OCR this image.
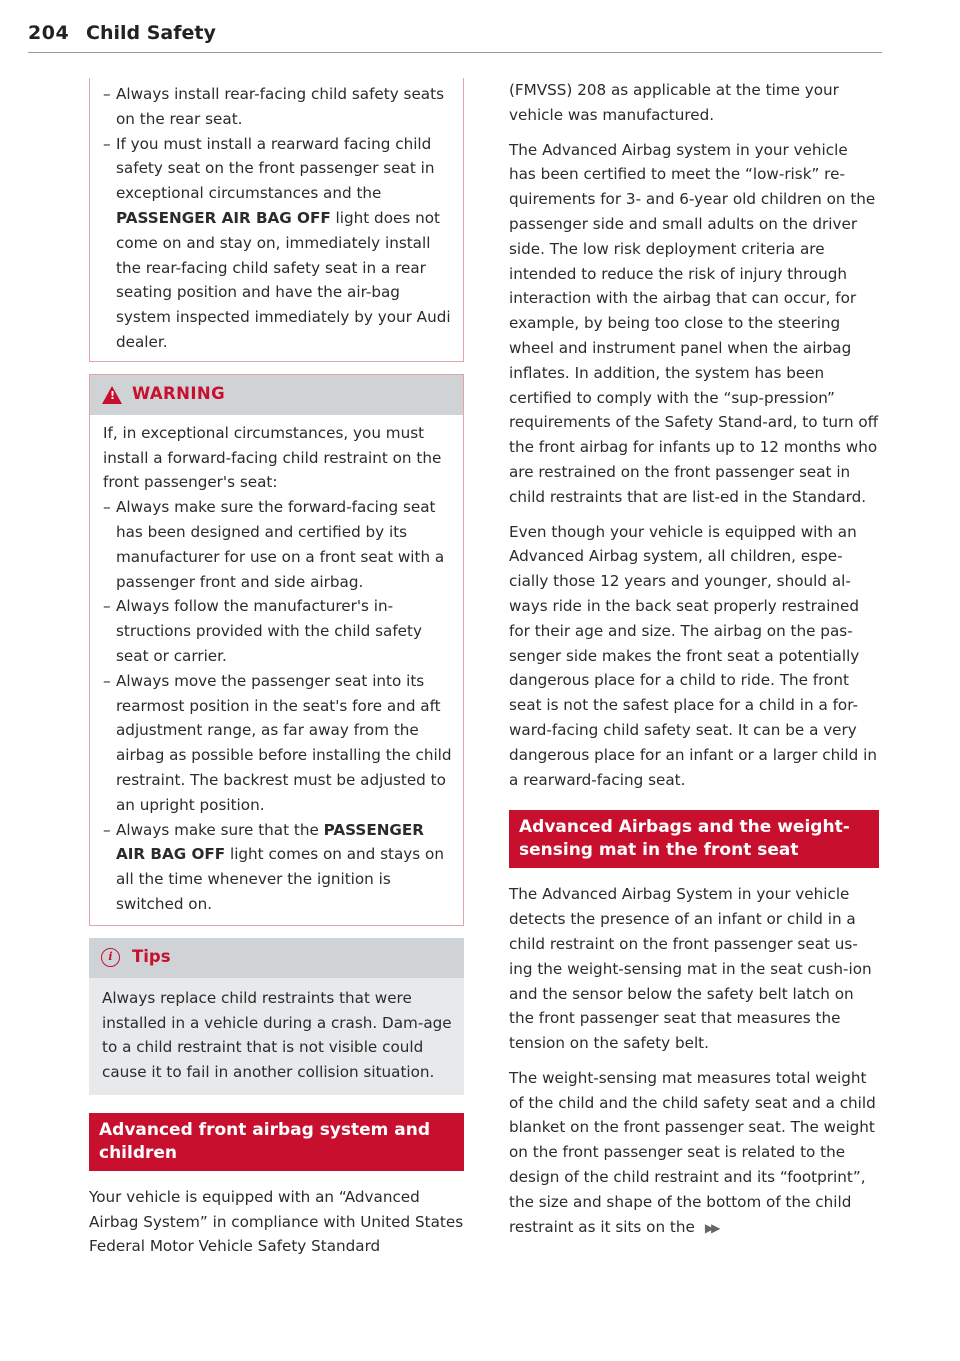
204 Child Safety
– Always install rear-facing child safety seats on the rear seat.
– If you must install a rearward facing child safety seat on the front passenger seat in exceptional circumstances and the PASSENGER AIR BAG OFF light does not come on and stay on, immediately install the rear-facing child safety seat in a rear seating position and have the air-bag system inspected immediately by your Audi dealer.
!
WARNING

If, in exceptional circumstances, you must install a forward-facing child restraint on the front passenger's seat:

– Always make sure the forward-facing seat has been designed and certified by its manufacturer for use on a front seat with a passenger front and side airbag.
– Always follow the manufacturer's in-structions provided with the child safety seat or carrier.
– Always move the passenger seat into its rearmost position in the seat's fore and aft adjustment range, as far away from the airbag as possible before installing the child restraint. The backrest must be adjusted to an upright position.
– Always make sure that the PASSENGER AIR BAG OFF light comes on and stays on all the time whenever the ignition is switched on.
i	Tips

Always replace child restraints that were installed in a vehicle during a crash. Dam-age to a child restraint that is not visible could cause it to fail in another collision situation.

Advanced front airbag system and children

Your vehicle is equipped with an “Advanced Airbag System” in compliance with United States Federal Motor Vehicle Safety Standard

(FMVSS) 208 as applicable at the time your vehicle was manufactured.

The Advanced Airbag system in your vehicle has been certified to meet the “low-risk” re-quirements for 3- and 6-year old children on the passenger side and small adults on the driver side. The low risk deployment criteria are intended to reduce the risk of injury through interaction with the airbag that can occur, for example, by being too close to the steering wheel and instrument panel when the airbag inflates. In addition, the system has been certified to comply with the “sup-pression” requirements of the Safety Stand-ard, to turn off the front airbag for infants up to 12 months who are restrained on the front passenger seat in child restraints that are list-ed in the Standard.

Even though your vehicle is equipped with an Advanced Airbag system, all children, espe-cially those 12 years and younger, should al-ways ride in the back seat properly restrained for their age and size. The airbag on the pas-senger side makes the front seat a potentially dangerous place for a child to ride. The front seat is not the safest place for a child in a for-ward-facing child safety seat. It can be a very dangerous place for an infant or a larger child in a rearward-facing seat.

Advanced Airbags and the weight-sensing mat in the front seat

The Advanced Airbag System in your vehicle detects the presence of an infant or child in a child restraint on the front passenger seat us-ing the weight-sensing mat in the seat cush-ion and the sensor below the safety belt latch on the front passenger seat that measures the tension on the safety belt.

The weight-sensing mat measures total weight of the child and the child safety seat and a child blanket on the front passenger seat. The weight on the front passenger seat is related to the design of the child restraint and its “footprint”, the size and shape of the bottom of the child restraint as it sits on the ▶▶
